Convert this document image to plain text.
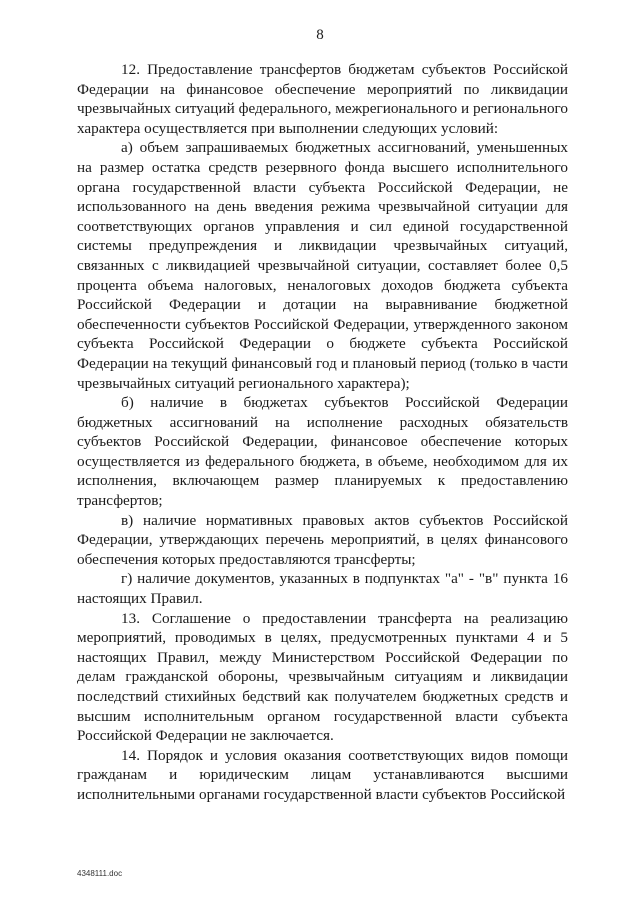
8

12. Предоставление трансфертов бюджетам субъектов Российской Федерации на финансовое обеспечение мероприятий по ликвидации чрезвычайных ситуаций федерального, межрегионального и регионального характера осуществляется при выполнении следующих условий:

а) объем запрашиваемых бюджетных ассигнований, уменьшенных на размер остатка средств резервного фонда высшего исполнительного органа государственной власти субъекта Российской Федерации, не использованного на день введения режима чрезвычайной ситуации для соответствующих органов управления и сил единой государственной системы предупреждения и ликвидации чрезвычайных ситуаций, связанных с ликвидацией чрезвычайной ситуации, составляет более 0,5 процента объема налоговых, неналоговых доходов бюджета субъекта Российской Федерации и дотации на выравнивание бюджетной обеспеченности субъектов Российской Федерации, утвержденного законом субъекта Российской Федерации о бюджете субъекта Российской Федерации на текущий финансовый год и плановый период (только в части чрезвычайных ситуаций регионального характера);

б) наличие в бюджетах субъектов Российской Федерации бюджетных ассигнований на исполнение расходных обязательств субъектов Российской Федерации, финансовое обеспечение которых осуществляется из федерального бюджета, в объеме, необходимом для их исполнения, включающем размер планируемых к предоставлению трансфертов;

в) наличие нормативных правовых актов субъектов Российской Федерации, утверждающих перечень мероприятий, в целях финансового обеспечения которых предоставляются трансферты;

г) наличие документов, указанных в подпунктах "а" - "в" пункта 16 настоящих Правил.

13. Соглашение о предоставлении трансферта на реализацию мероприятий, проводимых в целях, предусмотренных пунктами 4 и 5 настоящих Правил, между Министерством Российской Федерации по делам гражданской обороны, чрезвычайным ситуациям и ликвидации последствий стихийных бедствий как получателем бюджетных средств и высшим исполнительным органом государственной власти субъекта Российской Федерации не заключается.

14. Порядок и условия оказания соответствующих видов помощи гражданам и юридическим лицам устанавливаются высшими исполнительными органами государственной власти субъектов Российской

4348111.doc
